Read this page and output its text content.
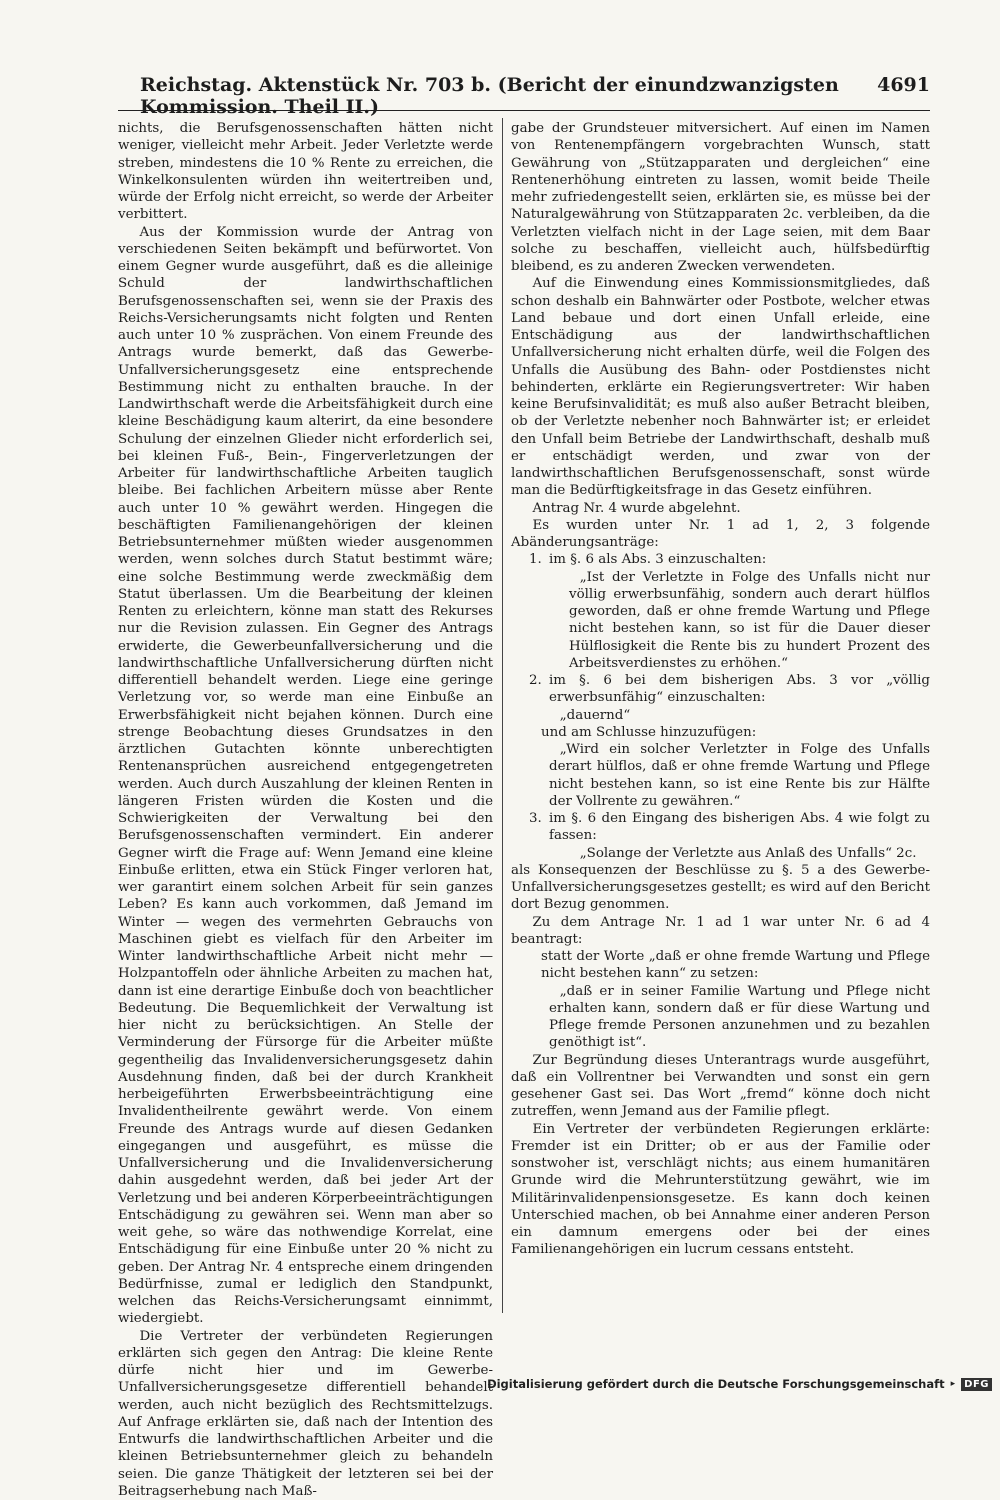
Reichstag. Aktenstück Nr. 703 b. (Bericht der einundzwanzigsten Kommission. Theil II.)
4691

nichts, die Berufsgenossenschaften hätten nicht weniger, vielleicht mehr Arbeit. Jeder Verletzte werde streben, mindestens die 10 % Rente zu erreichen, die Winkelkonsulenten würden ihn weitertreiben und, würde der Erfolg nicht erreicht, so werde der Arbeiter verbittert.

Aus der Kommission wurde der Antrag von verschiedenen Seiten bekämpft und befürwortet. Von einem Gegner wurde ausgeführt, daß es die alleinige Schuld der landwirthschaftlichen Berufsgenossenschaften sei, wenn sie der Praxis des Reichs-Versicherungsamts nicht folgten und Renten auch unter 10 % zusprächen. Von einem Freunde des Antrags wurde bemerkt, daß das Gewerbe-Unfallversicherungsgesetz eine entsprechende Bestimmung nicht zu enthalten brauche. In der Landwirthschaft werde die Arbeitsfähigkeit durch eine kleine Beschädigung kaum alterirt, da eine besondere Schulung der einzelnen Glieder nicht erforderlich sei, bei kleinen Fuß-, Bein-, Fingerverletzungen der Arbeiter für landwirthschaftliche Arbeiten tauglich bleibe. Bei fachlichen Arbeitern müsse aber Rente auch unter 10 % gewährt werden. Hingegen die beschäftigten Familienangehörigen der kleinen Betriebsunternehmer müßten wieder ausgenommen werden, wenn solches durch Statut bestimmt wäre; eine solche Bestimmung werde zweckmäßig dem Statut überlassen. Um die Bearbeitung der kleinen Renten zu erleichtern, könne man statt des Rekurses nur die Revision zulassen. Ein Gegner des Antrags erwiderte, die Gewerbeunfallversicherung und die landwirthschaftliche Unfallversicherung dürften nicht differentiell behandelt werden. Liege eine geringe Verletzung vor, so werde man eine Einbuße an Erwerbsfähigkeit nicht bejahen können. Durch eine strenge Beobachtung dieses Grundsatzes in den ärztlichen Gutachten könnte unberechtigten Rentenansprüchen ausreichend entgegengetreten werden. Auch durch Auszahlung der kleinen Renten in längeren Fristen würden die Kosten und die Schwierigkeiten der Verwaltung bei den Berufsgenossenschaften vermindert. Ein anderer Gegner wirft die Frage auf: Wenn Jemand eine kleine Einbuße erlitten, etwa ein Stück Finger verloren hat, wer garantirt einem solchen Arbeit für sein ganzes Leben? Es kann auch vorkommen, daß Jemand im Winter — wegen des vermehrten Gebrauchs von Maschinen giebt es vielfach für den Arbeiter im Winter landwirthschaftliche Arbeit nicht mehr — Holzpantoffeln oder ähnliche Arbeiten zu machen hat, dann ist eine derartige Einbuße doch von beachtlicher Bedeutung. Die Bequemlichkeit der Verwaltung ist hier nicht zu berücksichtigen. An Stelle der Verminderung der Fürsorge für die Arbeiter müßte gegentheilig das Invalidenversicherungsgesetz dahin Ausdehnung finden, daß bei der durch Krankheit herbeigeführten Erwerbsbeeinträchtigung eine Invalidentheilrente gewährt werde. Von einem Freunde des Antrags wurde auf diesen Gedanken eingegangen und ausgeführt, es müsse die Unfallversicherung und die Invalidenversicherung dahin ausgedehnt werden, daß bei jeder Art der Verletzung und bei anderen Körperbeeinträchtigungen Entschädigung zu gewähren sei. Wenn man aber so weit gehe, so wäre das nothwendige Korrelat, eine Entschädigung für eine Einbuße unter 20 % nicht zu geben. Der Antrag Nr. 4 entspreche einem dringenden Bedürfnisse, zumal er lediglich den Standpunkt, welchen das Reichs-Versicherungsamt einnimmt, wiedergiebt.

Die Vertreter der verbündeten Regierungen erklärten sich gegen den Antrag: Die kleine Rente dürfe nicht hier und im Gewerbe-Unfallversicherungsgesetze differentiell behandelt werden, auch nicht bezüglich des Rechtsmittelzugs. Auf Anfrage erklärten sie, daß nach der Intention des Entwurfs die landwirthschaftlichen Arbeiter und die kleinen Betriebsunternehmer gleich zu behandeln seien. Die ganze Thätigkeit der letzteren sei bei der Beitragserhebung nach Maß-

gabe der Grundsteuer mitversichert. Auf einen im Namen von Rentenempfängern vorgebrachten Wunsch, statt Gewährung von „Stützapparaten und dergleichen“ eine Rentenerhöhung eintreten zu lassen, womit beide Theile mehr zufriedengestellt seien, erklärten sie, es müsse bei der Naturalgewährung von Stützapparaten 2c. verbleiben, da die Verletzten vielfach nicht in der Lage seien, mit dem Baar solche zu beschaffen, vielleicht auch, hülfsbedürftig bleibend, es zu anderen Zwecken verwendeten.

Auf die Einwendung eines Kommissionsmitgliedes, daß schon deshalb ein Bahnwärter oder Postbote, welcher etwas Land bebaue und dort einen Unfall erleide, eine Entschädigung aus der landwirthschaftlichen Unfallversicherung nicht erhalten dürfe, weil die Folgen des Unfalls die Ausübung des Bahn- oder Postdienstes nicht behinderten, erklärte ein Regierungsvertreter: Wir haben keine Berufsinvalidität; es muß also außer Betracht bleiben, ob der Verletzte nebenher noch Bahnwärter ist; er erleidet den Unfall beim Betriebe der Landwirthschaft, deshalb muß er entschädigt werden, und zwar von der landwirthschaftlichen Berufsgenossenschaft, sonst würde man die Bedürftigkeitsfrage in das Gesetz einführen.

Antrag Nr. 4 wurde abgelehnt.

Es wurden unter Nr. 1 ad 1, 2, 3 folgende Abänderungsanträge:

1. im §. 6 als Abs. 3 einzuschalten:

„Ist der Verletzte in Folge des Unfalls nicht nur völlig erwerbsunfähig, sondern auch derart hülflos geworden, daß er ohne fremde Wartung und Pflege nicht bestehen kann, so ist für die Dauer dieser Hülflosigkeit die Rente bis zu hundert Prozent des Arbeitsverdienstes zu erhöhen.“

2. im §. 6 bei dem bisherigen Abs. 3 vor „völlig erwerbsunfähig“ einzuschalten:

„dauernd“

und am Schlusse hinzuzufügen:

„Wird ein solcher Verletzter in Folge des Unfalls derart hülflos, daß er ohne fremde Wartung und Pflege nicht bestehen kann, so ist eine Rente bis zur Hälfte der Vollrente zu gewähren.“

3. im §. 6 den Eingang des bisherigen Abs. 4 wie folgt zu fassen:

„Solange der Verletzte aus Anlaß des Unfalls“ 2c.

als Konsequenzen der Beschlüsse zu §. 5 a des Gewerbe-Unfallversicherungsgesetzes gestellt; es wird auf den Bericht dort Bezug genommen.

Zu dem Antrage Nr. 1 ad 1 war unter Nr. 6 ad 4 beantragt:

statt der Worte „daß er ohne fremde Wartung und Pflege nicht bestehen kann“ zu setzen:

„daß er in seiner Familie Wartung und Pflege nicht erhalten kann, sondern daß er für diese Wartung und Pflege fremde Personen anzunehmen und zu bezahlen genöthigt ist“.

Zur Begründung dieses Unterantrags wurde ausgeführt, daß ein Vollrentner bei Verwandten und sonst ein gern gesehener Gast sei. Das Wort „fremd“ könne doch nicht zutreffen, wenn Jemand aus der Familie pflegt.

Ein Vertreter der verbündeten Regierungen erklärte: Fremder ist ein Dritter; ob er aus der Familie oder sonstwoher ist, verschlägt nichts; aus einem humanitären Grunde wird die Mehrunterstützung gewährt, wie im Militärinvalidenpensionsgesetze. Es kann doch keinen Unterschied machen, ob bei Annahme einer anderen Person ein damnum emergens oder bei der eines Familienangehörigen ein lucrum cessans entsteht.

Digitalisierung gefördert durch die Deutsche Forschungsgemeinschaft ▸ DFG
